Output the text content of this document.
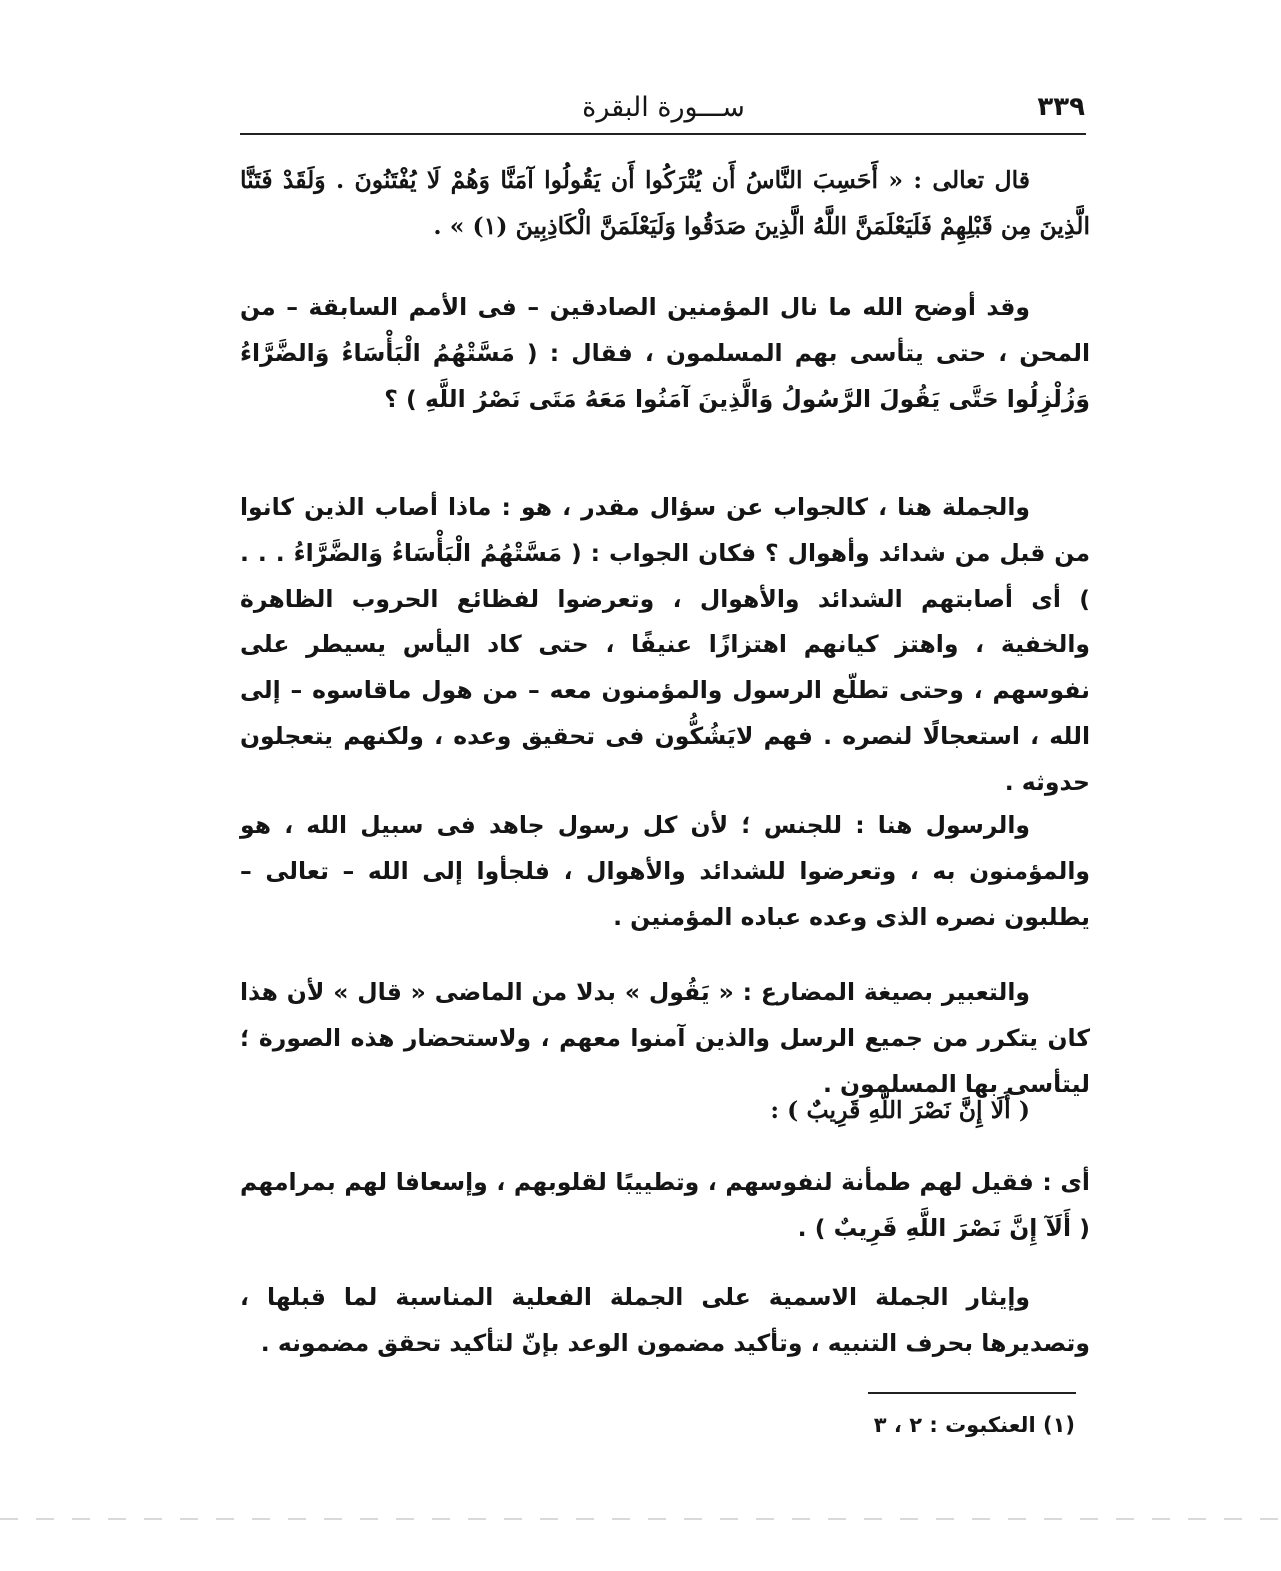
ســـورة البقرة	٣٣٩

قال تعالى : « أَحَسِبَ النَّاسُ أَن يُتْرَكُوا أَن يَقُولُوا آمَنَّا وَهُمْ لَا يُفْتَنُونَ . وَلَقَدْ فَتَنَّا الَّذِينَ مِن قَبْلِهِمْ فَلَيَعْلَمَنَّ اللَّهُ الَّذِينَ صَدَقُوا وَلَيَعْلَمَنَّ الْكَاذِبِينَ (١) » .

وقد أوضح الله ما نال المؤمنين الصادقين – فى الأمم السابقة – من المحن ، حتى يتأسى بهم المسلمون ، فقال : ( مَسَّتْهُمُ الْبَأْسَاءُ وَالضَّرَّاءُ وَزُلْزِلُوا حَتَّى يَقُولَ الرَّسُولُ وَالَّذِينَ آمَنُوا مَعَهُ مَتَى نَصْرُ اللَّهِ ) ؟

والجملة هنا ، كالجواب عن سؤال مقدر ، هو : ماذا أصاب الذين كانوا من قبل من شدائد وأهوال ؟ فكان الجواب : ( مَسَّتْهُمُ الْبَأْسَاءُ وَالضَّرَّاءُ . . . ) أى أصابتهم الشدائد والأهوال ، وتعرضوا لفظائع الحروب الظاهرة والخفية ، واهتز كيانهم اهتزازًا عنيفًا ، حتى كاد اليأس يسيطر على نفوسهم ، وحتى تطلّع الرسول والمؤمنون معه – من هول ماقاسوه – إلى الله ، استعجالًا لنصره . فهم لايَشُكُّون فى تحقيق وعده ، ولكنهم يتعجلون حدوثه .

والرسول هنا : للجنس ؛ لأن كل رسول جاهد فى سبيل الله ، هو والمؤمنون به ، وتعرضوا للشدائد والأهوال ، فلجأوا إلى الله – تعالى – يطلبون نصره الذى وعده عباده المؤمنين .

والتعبير بصيغة المضارع : « يَقُول » بدلا من الماضى « قال » لأن هذا كان يتكرر من جميع الرسل والذين آمنوا معهم ، ولاستحضار هذه الصورة ؛ ليتأسى بها المسلمون .

( أَلَا إِنَّ نَصْرَ اللَّهِ قَرِيبٌ ) :

أى : فقيل لهم طمأنة لنفوسهم ، وتطييبًا لقلوبهم ، وإسعافا لهم بمرامهم ( أَلَآ إِنَّ نَصْرَ اللَّهِ قَرِيبٌ ) .

وإيثار الجملة الاسمية على الجملة الفعلية المناسبة لما قبلها ، وتصديرها بحرف التنبيه ، وتأكيد مضمون الوعد بإنّ لتأكيد تحقق مضمونه .

(١) العنكبوت : ٢ ، ٣
